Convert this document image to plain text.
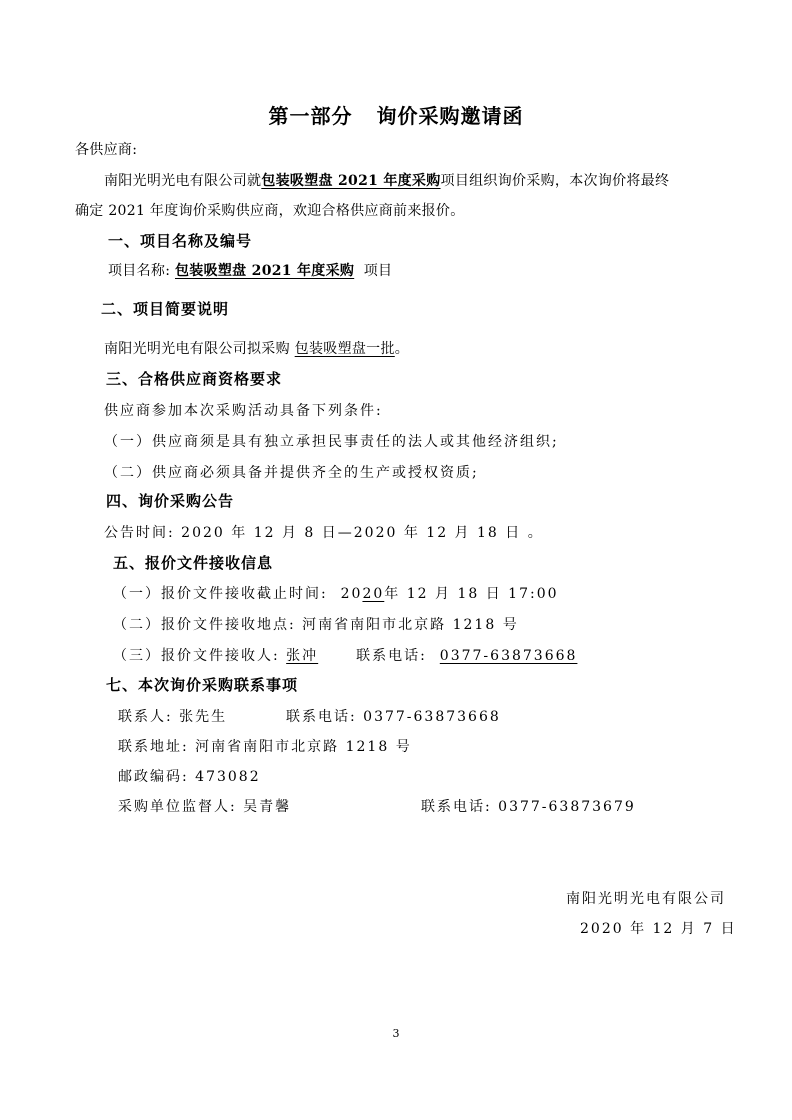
第一部分 询价采购邀请函
各供应商:
南阳光明光电有限公司就包装吸塑盘 2021 年度采购项目组织询价采购，本次询价将最终
确定 2021 年度询价采购供应商，欢迎合格供应商前来报价。
一、项目名称及编号
项目名称: 包装吸塑盘 2021 年度采购 项目
二、项目简要说明
南阳光明光电有限公司拟采购 包装吸塑盘一批。
三、合格供应商资格要求
供应商参加本次采购活动具备下列条件:
（一）供应商须是具有独立承担民事责任的法人或其他经济组织;
（二）供应商必须具备并提供齐全的生产或授权资质;
四、询价采购公告
公告时间: 2020 年 12 月 8 日—2020 年 12 月 18 日 。
五、报价文件接收信息
（一）报价文件接收截止时间: 2020年 12 月 18 日 17:00
（二）报价文件接收地点: 河南省南阳市北京路 1218 号
（三）报价文件接收人: 张冲	联系电话: 0377-63873668
七、本次询价采购联系事项
联系人: 张先生	联系电话: 0377-63873668
联系地址: 河南省南阳市北京路 1218 号
邮政编码: 473082
采购单位监督人: 吴青馨	联系电话: 0377-63873679
南阳光明光电有限公司
2020 年 12 月 7 日
3
